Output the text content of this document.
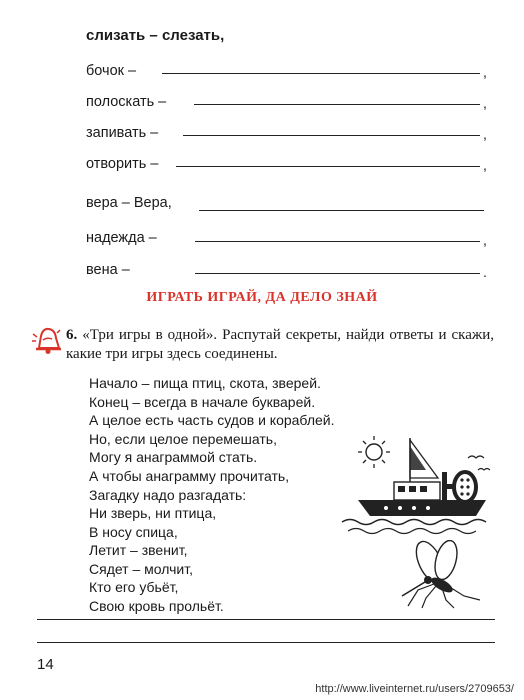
слизать – слезать,
бочок –	,
полоскать –	,
запивать –	,
отворить –	,
вера – Вера,
надежда –	,
вена –	.
ИГРАТЬ ИГРАЙ, ДА ДЕЛО ЗНАЙ
6. «Три игры в одной». Распутай секреты, найди ответы и скажи, какие три игры здесь соединены.
Начало – пища птиц, скота, зверей.
Конец – всегда в начале букварей.
А целое есть часть судов и кораблей.
Но, если целое перемешать,
Могу я анаграммой стать.
А чтобы анаграмму прочитать,
Загадку надо разгадать:
Ни зверь, ни птица,
В носу спица,
Летит – звенит,
Сядет – молчит,
Кто его убьёт,
Свою кровь прольёт.
14
http://www.liveinternet.ru/users/2709653/
